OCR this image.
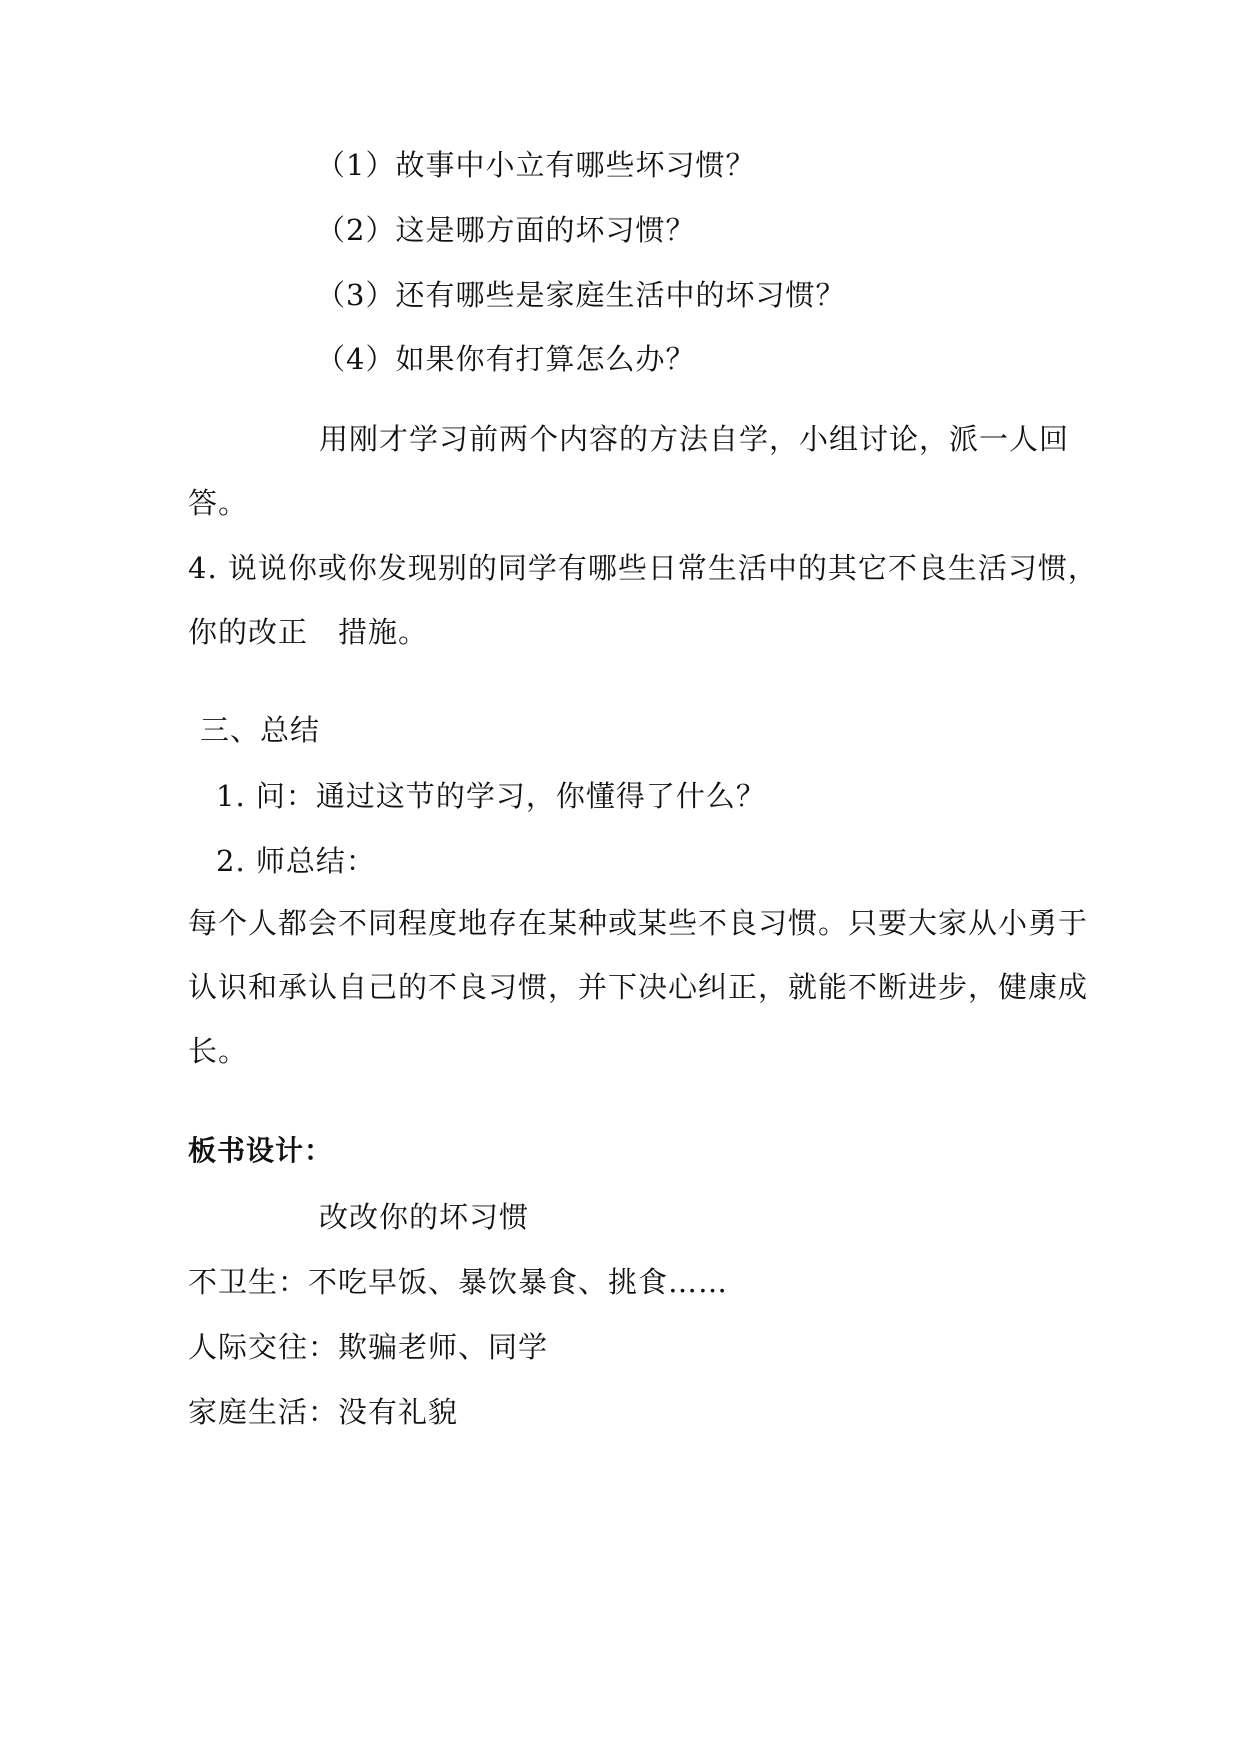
（1）故事中小立有哪些坏习惯？
（2）这是哪方面的坏习惯？
（3）还有哪些是家庭生活中的坏习惯？
（4）如果你有打算怎么办？
用刚才学习前两个内容的方法自学，小组讨论，派一人回
答。
4. 说说你或你发现别的同学有哪些日常生活中的其它不良生活习惯，
你的改正　措施。
三、总结
1. 问：通过这节的学习，你懂得了什么？
2. 师总结：
每个人都会不同程度地存在某种或某些不良习惯。只要大家从小勇于
认识和承认自己的不良习惯，并下决心纠正，就能不断进步，健康成
长。
板书设计：
改改你的坏习惯
不卫生：不吃早饭、暴饮暴食、挑食……
人际交往：欺骗老师、同学
家庭生活：没有礼貌
